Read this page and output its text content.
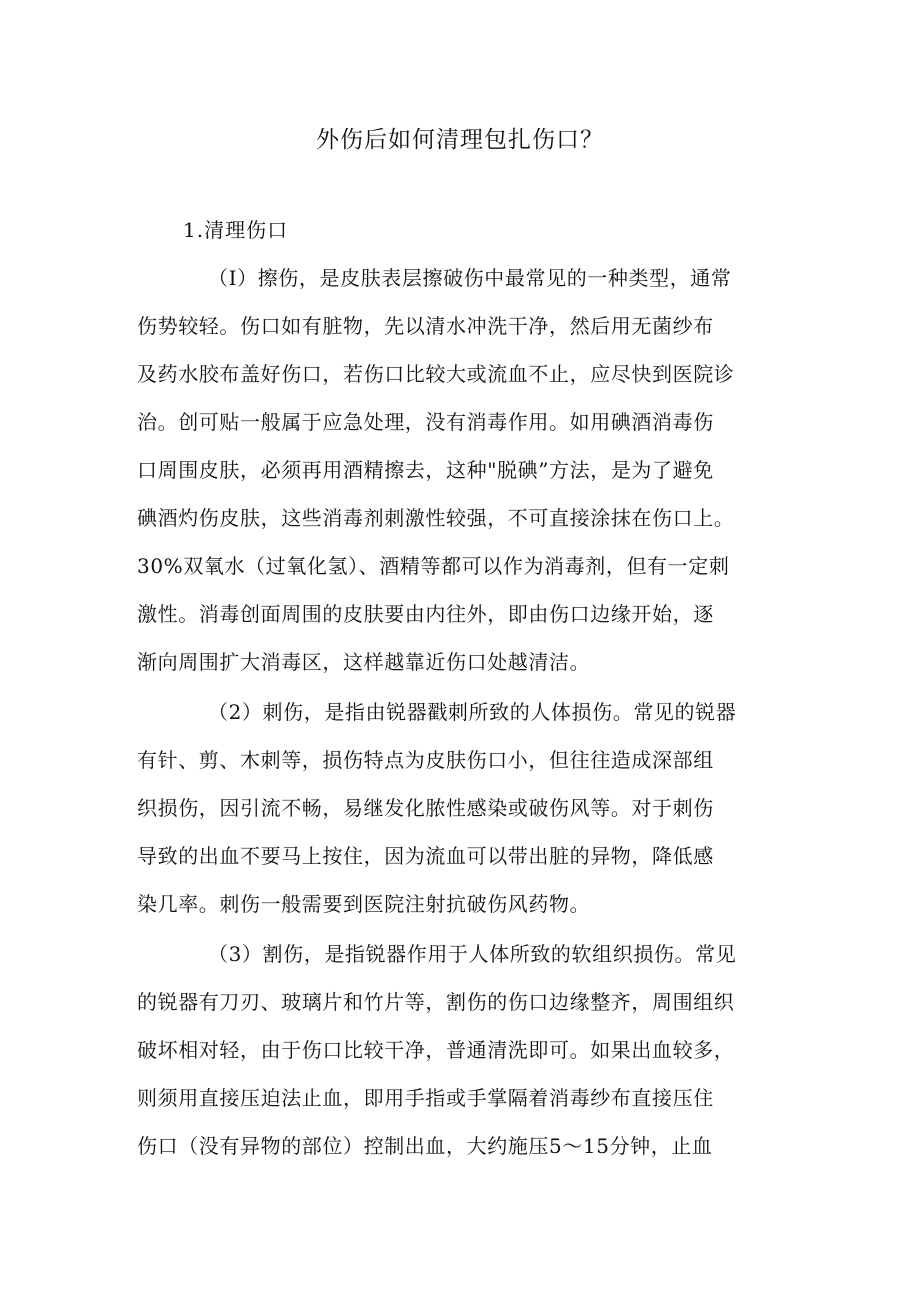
外伤后如何清理包扎伤口？
1.清理伤口
（I）擦伤，是皮肤表层擦破伤中最常见的一种类型，通常
伤势较轻。伤口如有脏物，先以清水冲洗干净，然后用无菌纱布
及药水胶布盖好伤口，若伤口比较大或流血不止，应尽快到医院诊
治。创可贴一般属于应急处理，没有消毒作用。如用碘酒消毒伤
口周围皮肤，必须再用酒精擦去，这种"脱碘”方法，是为了避免
碘酒灼伤皮肤，这些消毒剂刺激性较强，不可直接涂抹在伤口上。
30%双氧水（过氧化氢）、酒精等都可以作为消毒剂，但有一定刺
激性。消毒创面周围的皮肤要由内往外，即由伤口边缘开始，逐
渐向周围扩大消毒区，这样越靠近伤口处越清洁。
（2）刺伤，是指由锐器戳刺所致的人体损伤。常见的锐器
有针、剪、木刺等，损伤特点为皮肤伤口小，但往往造成深部组
织损伤，因引流不畅，易继发化脓性感染或破伤风等。对于刺伤
导致的出血不要马上按住，因为流血可以带出脏的异物，降低感
染几率。刺伤一般需要到医院注射抗破伤风药物。
（3）割伤，是指锐器作用于人体所致的软组织损伤。常见
的锐器有刀刃、玻璃片和竹片等，割伤的伤口边缘整齐，周围组织
破坏相对轻，由于伤口比较干净，普通清洗即可。如果出血较多，
则须用直接压迫法止血，即用手指或手掌隔着消毒纱布直接压住
伤口（没有异物的部位）控制出血，大约施压5～15分钟，止血
